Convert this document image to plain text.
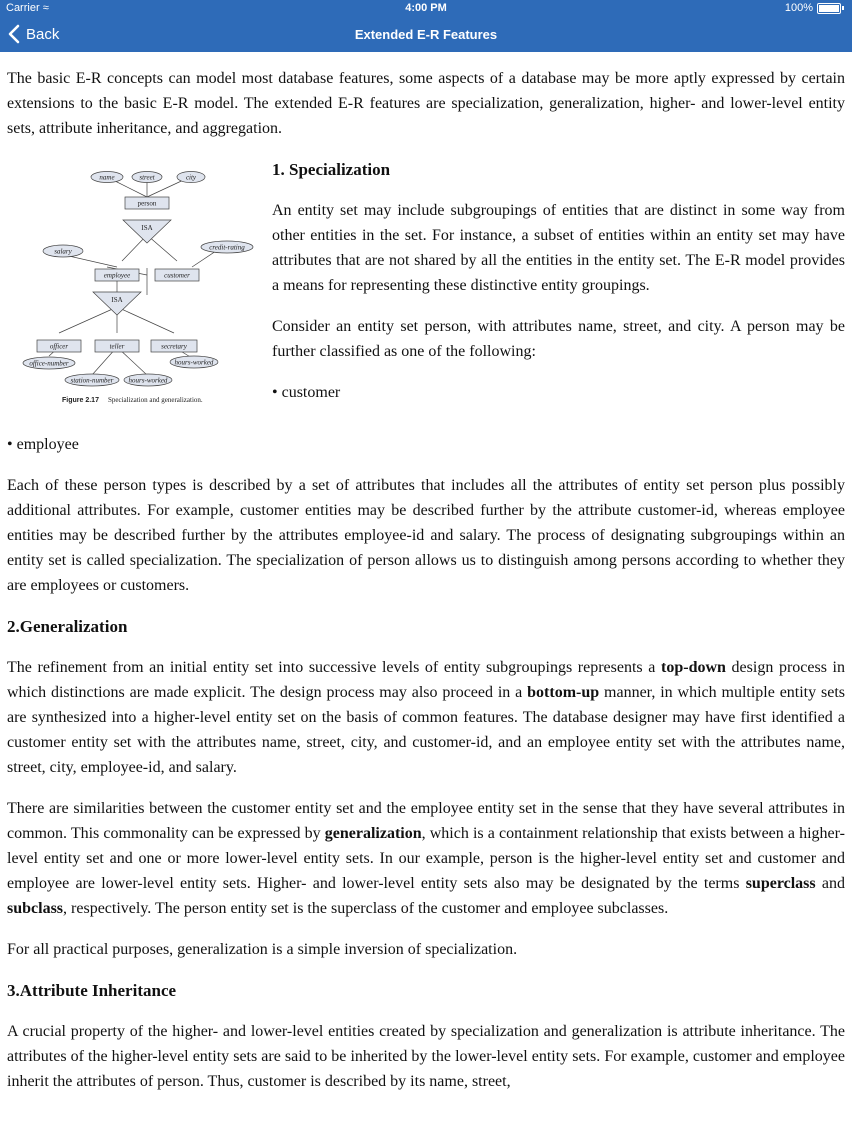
Carrier ≈	4:00 PM	100%
Back	Extended E-R Features

The basic E-R concepts can model most database features, some aspects of a database may be more aptly expressed by certain extensions to the basic E-R model. The extended E-R features are specialization, generalization, higher- and lower-level entity sets, attribute inheritance, and aggregation.

name	street	city
person
ISA
salary	credit-rating
employee	customer
ISA
officer	teller	secretary
office-number	hours-worked
station-number hours-worked
Figure 2.17 Specialization and generalization.
1. Specialization

An entity set may include subgroupings of entities that are distinct in some way from other entities in the set. For instance, a subset of entities within an entity set may have attributes that are not shared by all the entities in the entity set. The E-R model provides a means for representing these distinctive entity groupings.

Consider an entity set person, with attributes name, street, and city. A person may be further classified as one of the following:

• customer
• employee

Each of these person types is described by a set of attributes that includes all the attributes of entity set person plus possibly additional attributes. For example, customer entities may be described further by the attribute customer-id, whereas employee entities may be described further by the attributes employee-id and salary. The process of designating subgroupings within an entity set is called specialization. The specialization of person allows us to distinguish among persons according to whether they are employees or customers.

2.Generalization

The refinement from an initial entity set into successive levels of entity subgroupings represents a top-down design process in which distinctions are made explicit. The design process may also proceed in a bottom-up manner, in which multiple entity sets are synthesized into a higher-level entity set on the basis of common features. The database designer may have first identified a customer entity set with the attributes name, street, city, and customer-id, and an employee entity set with the attributes name, street, city, employee-id, and salary.

There are similarities between the customer entity set and the employee entity set in the sense that they have several attributes in common. This commonality can be expressed by generalization, which is a containment relationship that exists between a higher-level entity set and one or more lower-level entity sets. In our example, person is the higher-level entity set and customer and employee are lower-level entity sets. Higher- and lower-level entity sets also may be designated by the terms superclass and subclass, respectively. The person entity set is the superclass of the customer and employee subclasses.

For all practical purposes, generalization is a simple inversion of specialization.

3.Attribute Inheritance

A crucial property of the higher- and lower-level entities created by specialization and generalization is attribute inheritance. The attributes of the higher-level entity sets are said to be inherited by the lower-level entity sets. For example, customer and employee inherit the attributes of person. Thus, customer is described by its name, street,
